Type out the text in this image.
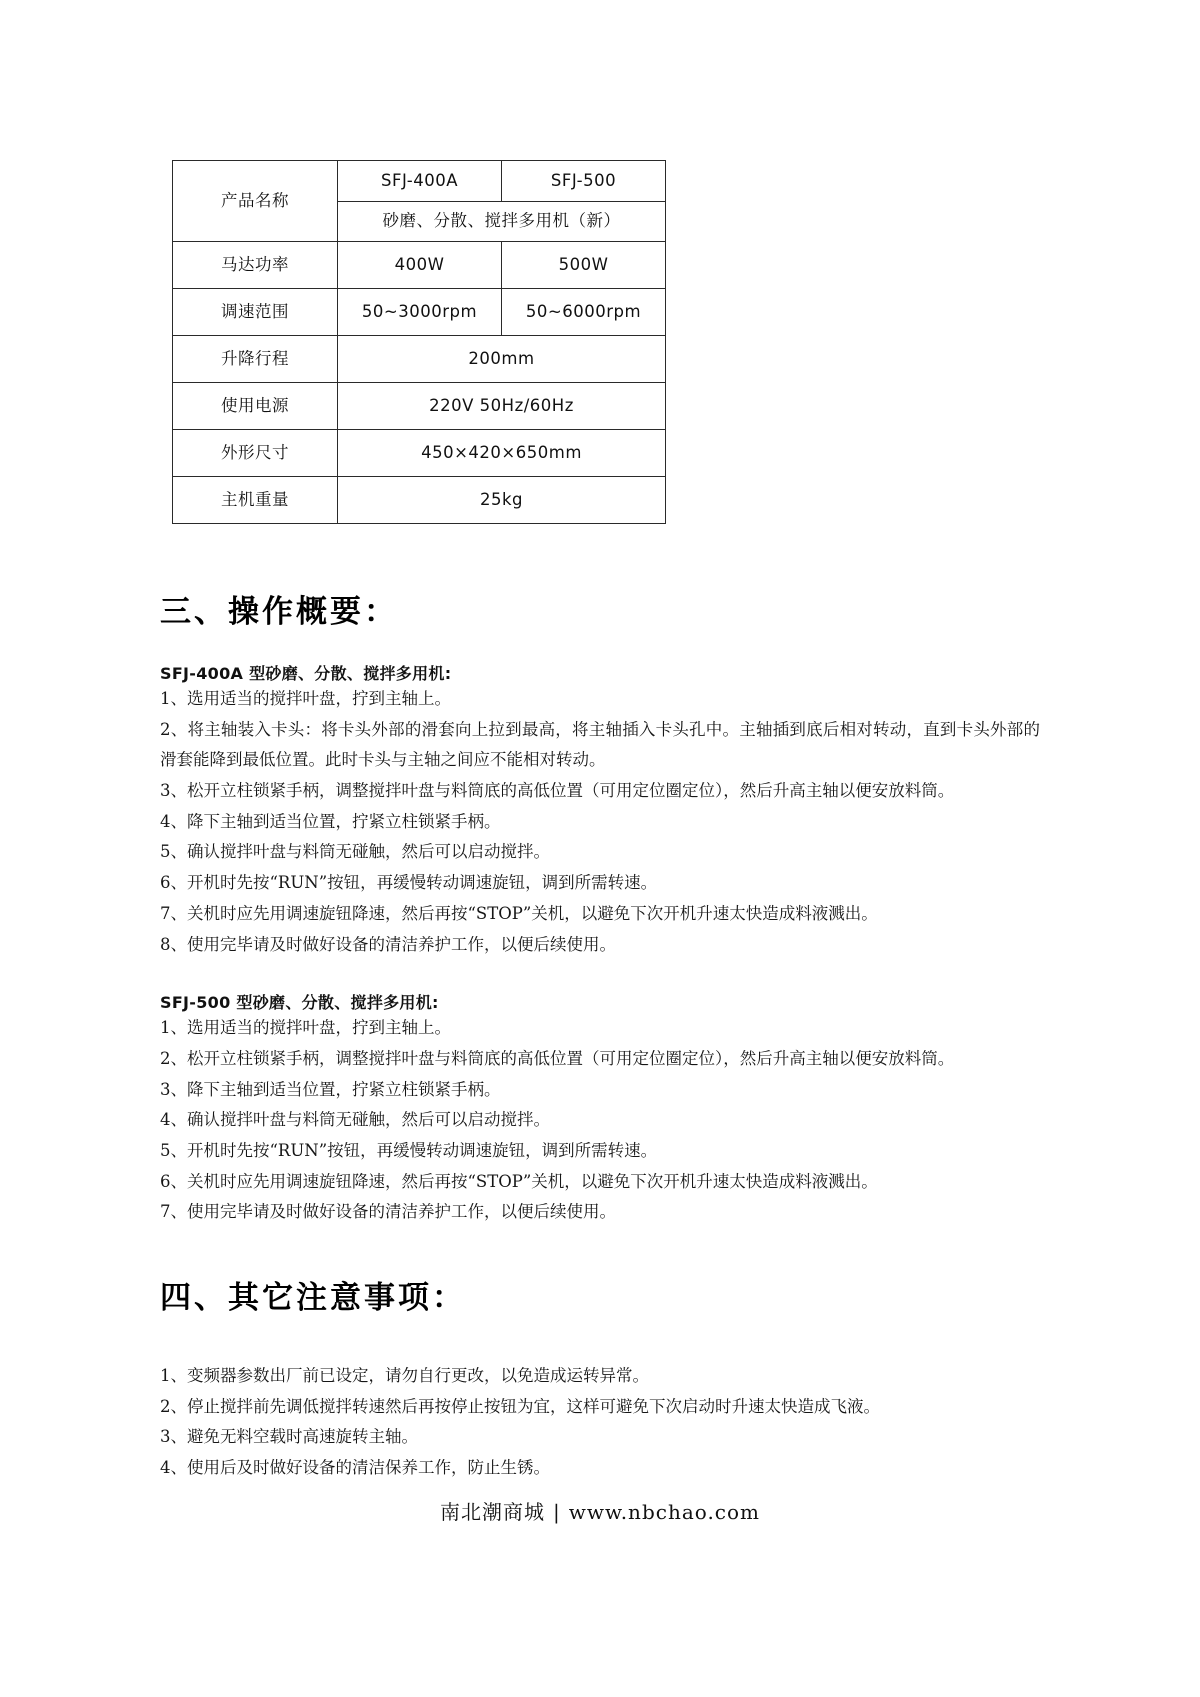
产品名称	SFJ-400A	SFJ-500
	砂磨、分散、搅拌多用机（新）	
马达功率	400W	500W
调速范围	50~3000rpm	50~6000rpm
升降行程	200mm	
使用电源	220V 50Hz/60Hz	
外形尺寸	450×420×650mm	
主机重量	25kg	
三、操作概要：

SFJ-400A 型砂磨、分散、搅拌多用机:

1、选用适当的搅拌叶盘，拧到主轴上。
2、将主轴装入卡头：将卡头外部的滑套向上拉到最高，将主轴插入卡头孔中。主轴插到底后相对转动，直到卡头外部的滑套能降到最低位置。此时卡头与主轴之间应不能相对转动。
3、松开立柱锁紧手柄，调整搅拌叶盘与料筒底的高低位置（可用定位圈定位），然后升高主轴以便安放料筒。
4、降下主轴到适当位置，拧紧立柱锁紧手柄。
5、确认搅拌叶盘与料筒无碰触，然后可以启动搅拌。
6、开机时先按“RUN”按钮，再缓慢转动调速旋钮，调到所需转速。
7、关机时应先用调速旋钮降速，然后再按“STOP”关机，以避免下次开机升速太快造成料液溅出。
8、使用完毕请及时做好设备的清洁养护工作，以便后续使用。

SFJ-500 型砂磨、分散、搅拌多用机:

1、选用适当的搅拌叶盘，拧到主轴上。
2、松开立柱锁紧手柄，调整搅拌叶盘与料筒底的高低位置（可用定位圈定位），然后升高主轴以便安放料筒。
3、降下主轴到适当位置，拧紧立柱锁紧手柄。
4、确认搅拌叶盘与料筒无碰触，然后可以启动搅拌。
5、开机时先按“RUN”按钮，再缓慢转动调速旋钮，调到所需转速。
6、关机时应先用调速旋钮降速，然后再按“STOP”关机，以避免下次开机升速太快造成料液溅出。
7、使用完毕请及时做好设备的清洁养护工作，以便后续使用。
四、其它注意事项：
1、变频器参数出厂前已设定，请勿自行更改，以免造成运转异常。
2、停止搅拌前先调低搅拌转速然后再按停止按钮为宜，这样可避免下次启动时升速太快造成飞液。
3、避免无料空载时高速旋转主轴。
4、使用后及时做好设备的清洁保养工作，防止生锈。
南北潮商城 | www.nbchao.com
